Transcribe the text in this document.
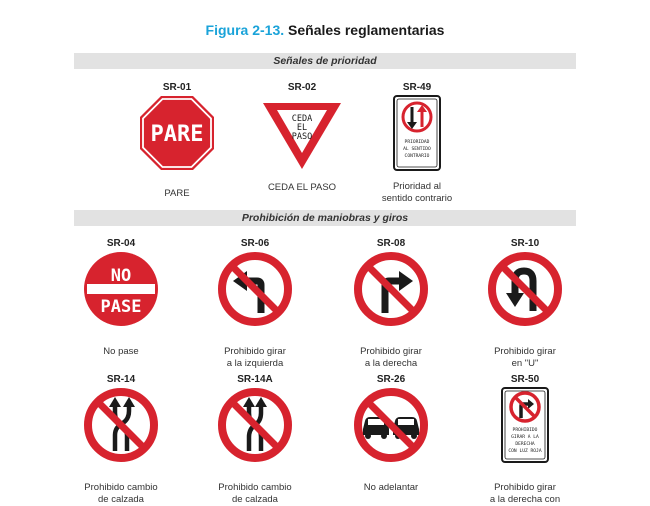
Figura 2-13. Señales reglamentarias
Señales de prioridad
SR-01
PARE
PARE
SR-02
CEDA
EL
PASO
CEDA EL PASO
SR-49
PRIORIDAD
AL SENTIDO
CONTRARIO
Prioridad al
sentido contrario
Prohibición de maniobras y giros
SR-04
NO
PASE
No pase
SR-06
Prohibido girar
a la izquierda
SR-08
Prohibido girar
a la derecha
SR-10
Prohibido girar
en "U"
SR-14
Prohibido cambio
de calzada
SR-14A
Prohibido cambio
de calzada
SR-26
No adelantar
SR-50
PROHIBIDO
GIRAR A LA
DERECHA
CON LUZ ROJA
Prohibido girar
a la derecha con
